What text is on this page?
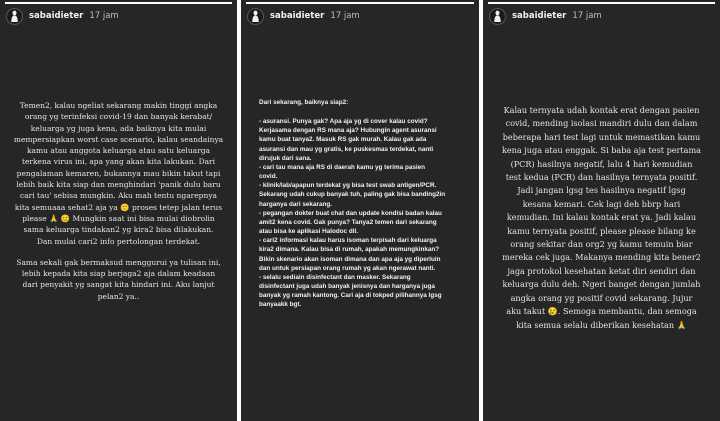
sabaidieter 17 jam
Temen2, kalau ngeliat sekarang makin tinggi angka
orang yg terinfeksi covid-19 dan banyak kerabat/
keluarga yg juga kena, ada baiknya kita mulai
mempersiapkan worst case scenario, kalau seandainya
kamu atau anggota keluarga atau satu keluarga
terkena virus ini, apa yang akan kita lakukan. Dari
pengalaman kemaren, bukannya mau bikin takut tapi
lebih baik kita siap dan menghindari 'panik dulu baru
cari tau' sebisa mungkin. Aku mah tentu ngarepnya
kita semuaaa sehat2 aja ya 🙂 proses tetep jalan terus
please 🙏 😊 Mungkin saat ini bisa mulai diobrolin
sama keluarga tindakan2 yg kira2 bisa dilakukan.
Dan mulai cari2 info pertolongan terdekat.
Sama sekali gak bermaksud menggurui ya tulisan ini,
lebih kepada kita siap berjaga2 aja dalam keadaan
dari penyakit yg sangat kita hindari ini. Aku lanjut
pelan2 ya..
sabaidieter 17 jam
Dari sekarang, baiknya siap2:
- asuransi. Punya gak? Apa aja yg di cover kalau covid?
Kerjasama dengan RS mana aja? Hubungin agent asuransi
kamu buat tanya2. Masuk RS gak murah. Kalau gak ada
asuransi dan mau yg gratis, ke puskesmas terdekat, nanti
dirujuk dari sana.
- cari tau mana aja RS di daerah kamu yg terima pasien
covid.
- klinik/lab/apapun terdekat yg bisa test swab antigen/PCR.
Sekarang udah cukup banyak tuh, paling gak bisa banding2in
harganya dari sekarang.
- pegangan dokter buat chat dan update kondisi badan kalau
amit2 kena covid. Gak punya? Tanya2 temen dari sekarang
atau bisa ke aplikasi Halodoc dll.
- cari2 informasi kalau harus isoman terpisah dari keluarga
kira2 dimana. Kalau bisa di rumah, apakah memungkinkan?
Bikin skenario akan isoman dimana dan apa aja yg diperluin
dan untuk persiapan orang rumah yg akan ngerawat nanti.
- selalu sediain disinfectant dan masker. Sekarang
disinfectant juga udah banyak jenisnya dan harganya juga
banyak yg ramah kantong. Cari aja di tokped pilihannya lgsg
banyaakk bgt.
sabaidieter 17 jam
Kalau ternyata udah kontak erat dengan pasien
covid, mending isolasi mandiri dulu dan dalam
beberapa hari test lagi untuk memastikan kamu
kena juga atau enggak. Si baba aja test pertama
(PCR) hasilnya negatif, lalu 4 hari kemudian
test kedua (PCR) dan hasilnya ternyata positif.
Jadi jangan lgsg tes hasilnya negatif lgsg
kesana kemari. Cek lagi deh bbrp hari
kemudian. Ini kalau kontak erat ya. Jadi kalau
kamu ternyata positif, please please bilang ke
orang sekitar dan org2 yg kamu temuin biar
mereka cek juga. Makanya mending kita bener2
jaga protokol kesehatan ketat diri sendiri dan
keluarga dulu deh. Ngeri banget dengan jumlah
angka orang yg positif covid sekarang. Jujur
aku takut 😢. Semoga membantu, dan semoga
kita semua selalu diberikan kesehatan 🙏
